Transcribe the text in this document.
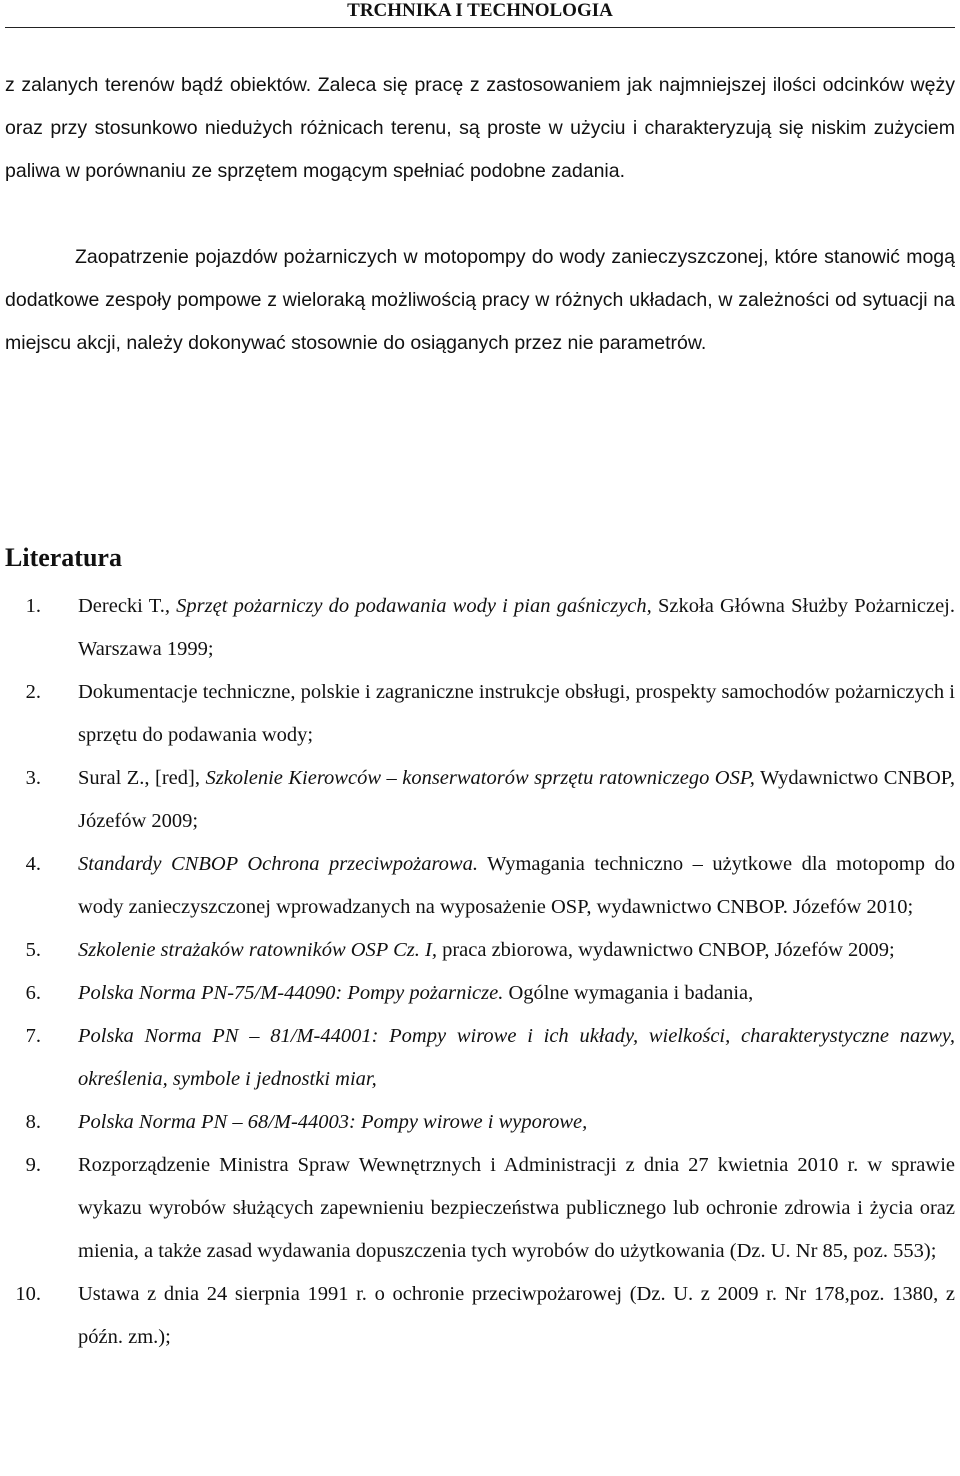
TRCHNIKA I TECHNOLOGIA

z zalanych terenów bądź obiektów. Zaleca się pracę z zastosowaniem jak najmniejszej ilości odcinków węży oraz przy stosunkowo niedużych różnicach terenu, są proste w użyciu i charakteryzują się niskim zużyciem paliwa w porównaniu ze sprzętem mogącym spełniać podobne zadania.

Zaopatrzenie pojazdów pożarniczych w motopompy do wody zanieczyszczonej, które stanowić mogą dodatkowe zespoły pompowe z wieloraką możliwością pracy w różnych układach, w zależności od sytuacji na miejscu akcji, należy dokonywać stosownie do osiąganych przez nie parametrów.

Literatura
1. Derecki T., Sprzęt pożarniczy do podawania wody i pian gaśniczych, Szkoła Główna Służby Pożarniczej. Warszawa 1999;
2. Dokumentacje techniczne, polskie i zagraniczne instrukcje obsługi, prospekty samochodów pożarniczych i sprzętu do podawania wody;
3. Sural Z., [red], Szkolenie Kierowców – konserwatorów sprzętu ratowniczego OSP, Wydawnictwo CNBOP, Józefów 2009;
4. Standardy CNBOP Ochrona przeciwpożarowa. Wymagania techniczno – użytkowe dla motopomp do wody zanieczyszczonej wprowadzanych na wyposażenie OSP, wydawnictwo CNBOP. Józefów 2010;
5. Szkolenie strażaków ratowników OSP Cz. I, praca zbiorowa, wydawnictwo CNBOP, Józefów 2009;
6. Polska Norma PN-75/M-44090: Pompy pożarnicze. Ogólne wymagania i badania,
7. Polska Norma PN – 81/M-44001: Pompy wirowe i ich układy, wielkości, charakterystyczne nazwy, określenia, symbole i jednostki miar,
8. Polska Norma PN – 68/M-44003: Pompy wirowe i wyporowe,
9. Rozporządzenie Ministra Spraw Wewnętrznych i Administracji z dnia 27 kwietnia 2010 r. w sprawie wykazu wyrobów służących zapewnieniu bezpieczeństwa publicznego lub ochronie zdrowia i życia oraz mienia, a także zasad wydawania dopuszczenia tych wyrobów do użytkowania (Dz. U. Nr 85, poz. 553);
10. Ustawa z dnia 24 sierpnia 1991 r. o ochronie przeciwpożarowej (Dz. U. z 2009 r. Nr 178,poz. 1380, z późn. zm.);
